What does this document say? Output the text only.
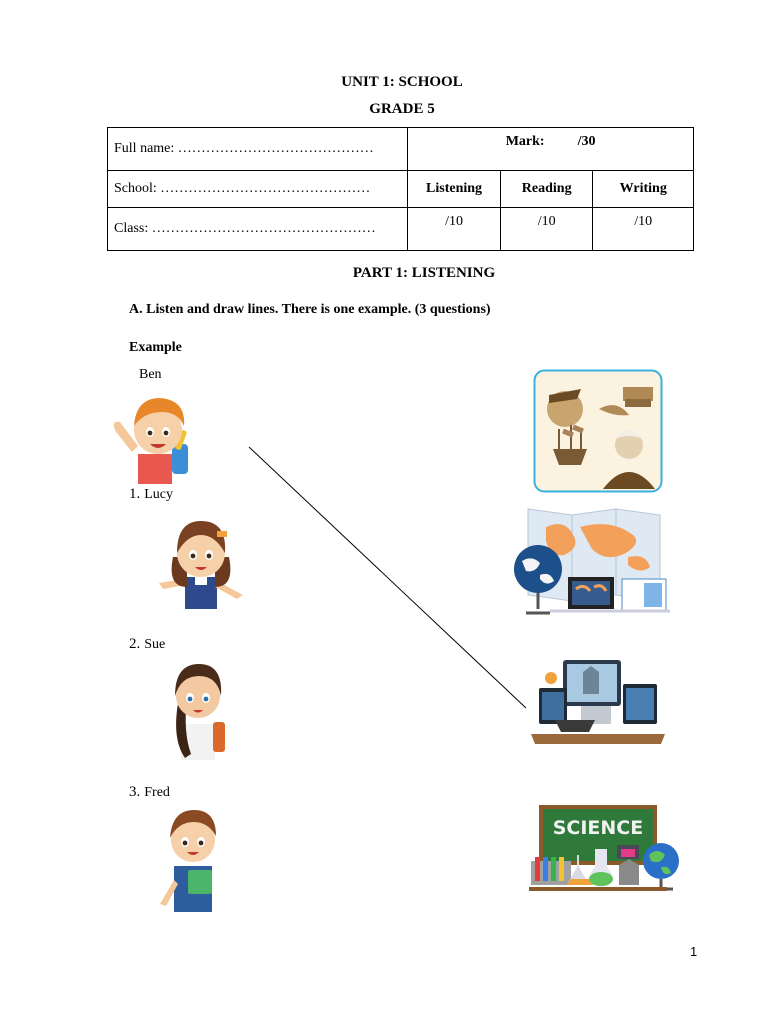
UNIT 1: SCHOOL
GRADE 5
Full name: ……………………………………	Mark: /30		
School: ………………………………………	Listening	Reading	Writing
Class: …………………………………………	/10	/10	/10
PART 1: LISTENING
A. Listen and draw lines. There is one example. (3 questions)
Example
Ben
1. Lucy
2. Sue
3. Fred
SCIENCE
1
